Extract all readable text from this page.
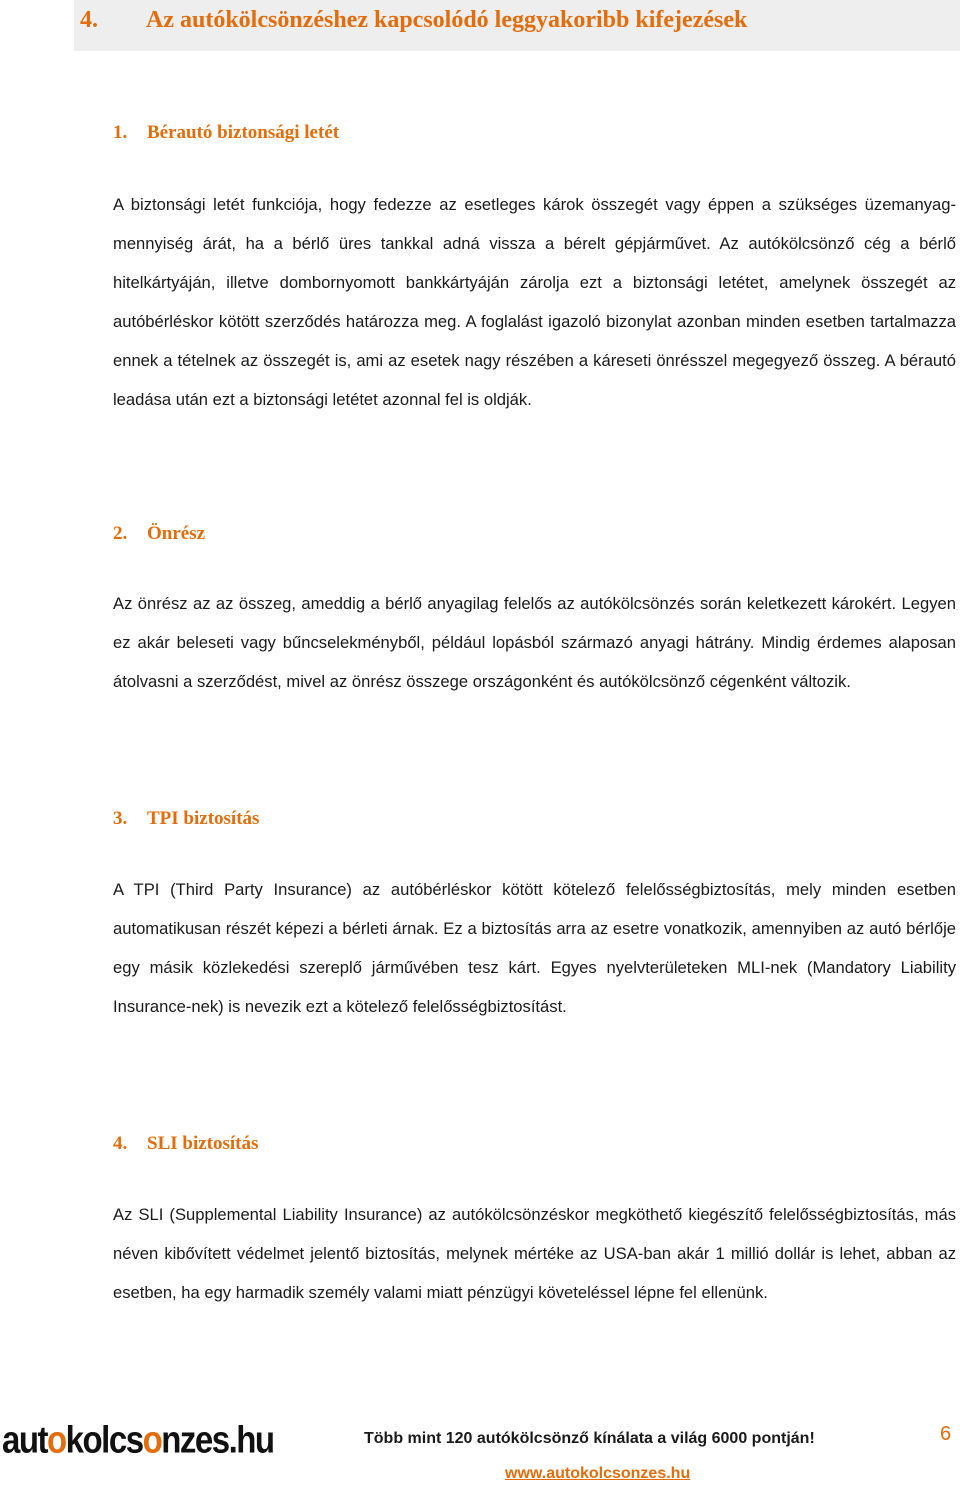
4. Az autókölcsönzéshez kapcsolódó leggyakoribb kifejezések
1. Bérautó biztonsági letét

A biztonsági letét funkciója, hogy fedezze az esetleges károk összegét vagy éppen a szükséges üzemanyag-mennyiség árát, ha a bérlő üres tankkal adná vissza a bérelt gépjárművet. Az autókölcsönző cég a bérlő hitelkártyáján, illetve dombornyomott bankkártyáján zárolja ezt a biztonsági letétet, amelynek összegét az autóbérléskor kötött szerződés határozza meg. A foglalást igazoló bizonylat azonban minden esetben tartalmazza ennek a tételnek az összegét is, ami az esetek nagy részében a káreseti önrésszel megegyező összeg. A bérautó leadása után ezt a biztonsági letétet azonnal fel is oldják.

2. Önrész

Az önrész az az összeg, ameddig a bérlő anyagilag felelős az autókölcsönzés során keletkezett károkért. Legyen ez akár beleseti vagy bűncselekményből, például lopásból származó anyagi hátrány. Mindig érdemes alaposan átolvasni a szerződést, mivel az önrész összege országonként és autókölcsönző cégenként változik.

3. TPI biztosítás

A TPI (Third Party Insurance) az autóbérléskor kötött kötelező felelősségbiztosítás, mely minden esetben automatikusan részét képezi a bérleti árnak. Ez a biztosítás arra az esetre vonatkozik, amennyiben az autó bérlője egy másik közlekedési szereplő járművében tesz kárt. Egyes nyelvterületeken MLI-nek (Mandatory Liability Insurance-nek) is nevezik ezt a kötelező felelősségbiztosítást.

4. SLI biztosítás

Az SLI (Supplemental Liability Insurance) az autókölcsönzéskor megköthető kiegészítő felelősségbiztosítás, más néven kibővített védelmet jelentő biztosítás, melynek mértéke az USA-ban akár 1 millió dollár is lehet, abban az esetben, ha egy harmadik személy valami miatt pénzügyi követeléssel lépne fel ellenünk.

aut o kolcs o nzes.hu	Több mint 120 autókölcsönző kínálata a világ 6000 pontján!

www.autokolcsonzes.hu
6
